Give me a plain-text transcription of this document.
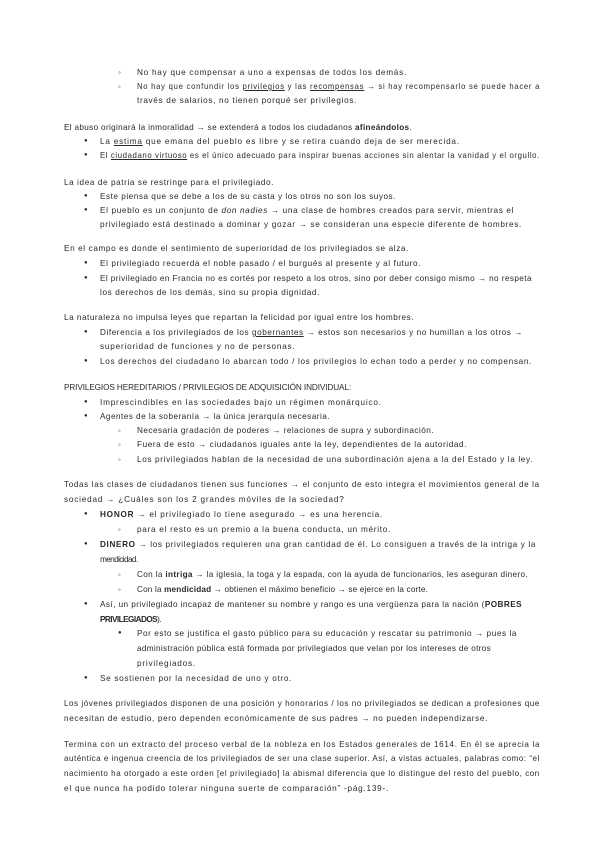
◦ No hay que compensar a uno a expensas de todos los demás.
◦ No hay que confundir los privilegios y las recompensas → si hay recompensarlo se puede hacer a
través de salarios, no tienen porqué ser privilegios.
El abuso originará la inmoralidad → se extenderá a todos los ciudadanos afineándolos.
● La estima que emana del pueblo es libre y se retira cuando deja de ser merecida.
● El ciudadano virtuoso es el único adecuado para inspirar buenas acciones sin alentar la vanidad y el orgullo.
La idea de patria se restringe para el privilegiado.
● Este piensa que se debe a los de su casta y los otros no son los suyos.
● El pueblo es un conjunto de don nadies → una clase de hombres creados para servir, mientras el
privilegiado está destinado a dominar y gozar → se consideran una especie diferente de hombres.
En el campo es donde el sentimiento de superioridad de los privilegiados se alza.
● El privilegiado recuerda el noble pasado / el burgués al presente y al futuro.
● El privilegiado en Francia no es cortés por respeto a los otros, sino por deber consigo mismo → no respeta
los derechos de los demás, sino su propia dignidad.
La naturaleza no impulsa leyes que repartan la felicidad por igual entre los hombres.
● Diferencia a los privilegiados de los gobernantes → estos son necesarios y no humillan a los otros →
superioridad de funciones y no de personas.
● Los derechos del ciudadano lo abarcan todo / los privilegios lo echan todo a perder y no compensan.
PRIVILEGIOS HEREDITARIOS / PRIVILEGIOS DE ADQUISICIÓN INDIVIDUAL:
● Imprescindibles en las sociedades bajo un régimen monárquico.
● Agentes de la soberanía → la única jerarquía necesaria.
◦ Necesaria gradación de poderes → relaciones de supra y subordinación.
◦ Fuera de esto → ciudadanos iguales ante la ley, dependientes de la autoridad.
◦ Los privilegiados hablan de la necesidad de una subordinación ajena a la del Estado y la ley.
Todas las clases de ciudadanos tienen sus funciones → el conjunto de esto integra el movimientos general de la
sociedad → ¿Cuáles son los 2 grandes móviles de la sociedad?
● HONOR → el privilegiado lo tiene asegurado → es una herencia.
◦ para el resto es un premio a la buena conducta, un mérito.
● DINERO → los privilegiados requieren una gran cantidad de él. Lo consiguen a través de la intriga y la
mendicidad.
◦ Con la intriga → la iglesia, la toga y la espada, con la ayuda de funcionarios, les aseguran dinero.
◦ Con la mendicidad → obtienen el máximo beneficio → se ejerce en la corte.
● Así, un privilegiado incapaz de mantener su nombre y rango es una vergüenza para la nación (POBRES
PRIVILEGIADOS).
● Por esto se justifica el gasto público para su educación y rescatar su patrimonio → pues la
administración pública está formada por privilegiados que velan por los intereses de otros
privilegiados.
● Se sostienen por la necesidad de uno y otro.
Los jóvenes privilegiados disponen de una posición y honorarios / los no privilegiados se dedican a profesiones que
necesitan de estudio, pero dependen económicamente de sus padres → no pueden independizarse.
Termina con un extracto del proceso verbal de la nobleza en los Estados generales de 1614. En él se aprecia la
auténtica e ingenua creencia de los privilegiados de ser una clase superior. Así, a vistas actuales, palabras como: “el
nacimiento ha otorgado a este orden [el privilegiado] la abismal diferencia que lo distingue del resto del pueblo, con
el que nunca ha podido tolerar ninguna suerte de comparación” -pág.139-.
